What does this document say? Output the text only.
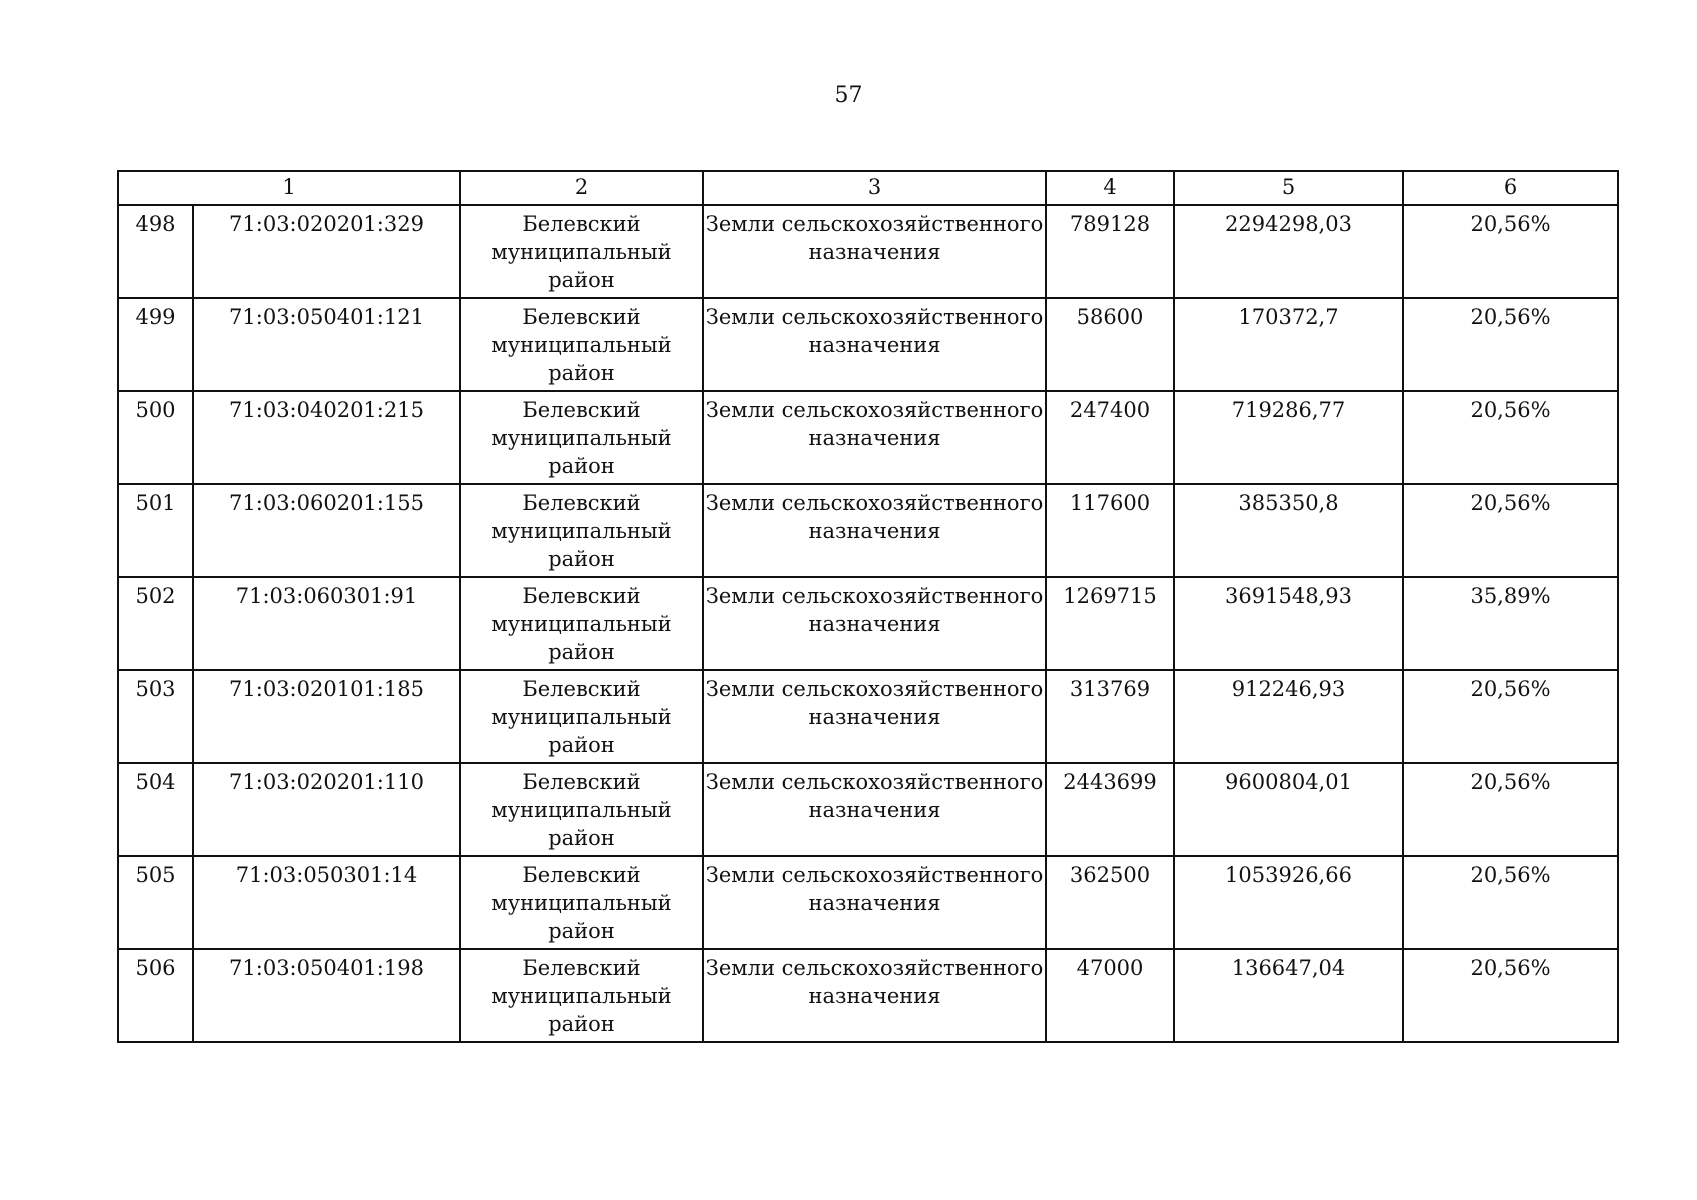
57
1		2	3	4	5	6
498	71:03:020201:329	Белевский муниципальный район	Земли сельскохозяйственного назначения	789128	2294298,03	20,56%
499	71:03:050401:121	Белевский муниципальный район	Земли сельскохозяйственного назначения	58600	170372,7	20,56%
500	71:03:040201:215	Белевский муниципальный район	Земли сельскохозяйственного назначения	247400	719286,77	20,56%
501	71:03:060201:155	Белевский муниципальный район	Земли сельскохозяйственного назначения	117600	385350,8	20,56%
502	71:03:060301:91	Белевский муниципальный район	Земли сельскохозяйственного назначения	1269715	3691548,93	35,89%
503	71:03:020101:185	Белевский муниципальный район	Земли сельскохозяйственного назначения	313769	912246,93	20,56%
504	71:03:020201:110	Белевский муниципальный район	Земли сельскохозяйственного назначения	2443699	9600804,01	20,56%
505	71:03:050301:14	Белевский муниципальный район	Земли сельскохозяйственного назначения	362500	1053926,66	20,56%
506	71:03:050401:198	Белевский муниципальный район	Земли сельскохозяйственного назначения	47000	136647,04	20,56%
